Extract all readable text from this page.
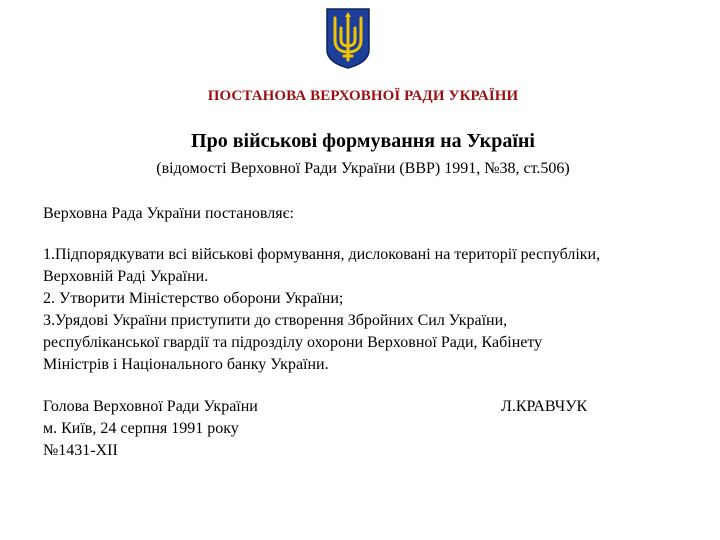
ПОСТАНОВА ВЕРХОВНОЇ РАДИ УКРАЇНИ
Про військові формування на Україні
(відомості Верховної Ради України (ВВР) 1991, №38, ст.506)
Верховна Рада України постановляє:
1.Підпорядкувати всі військові формування, дислоковані на території республіки,
Верховній Раді України.
2. Утворити Міністерство оборони України;
3.Урядові України приступити до створення Збройних Сил України,
республіканської гвардії та підрозділу охорони Верховної Ради, Кабінету
Міністрів і Національного банку України.
Голова Верховної Ради України	Л.КРАВЧУК
м. Київ, 24 серпня 1991 року
№1431-XII
